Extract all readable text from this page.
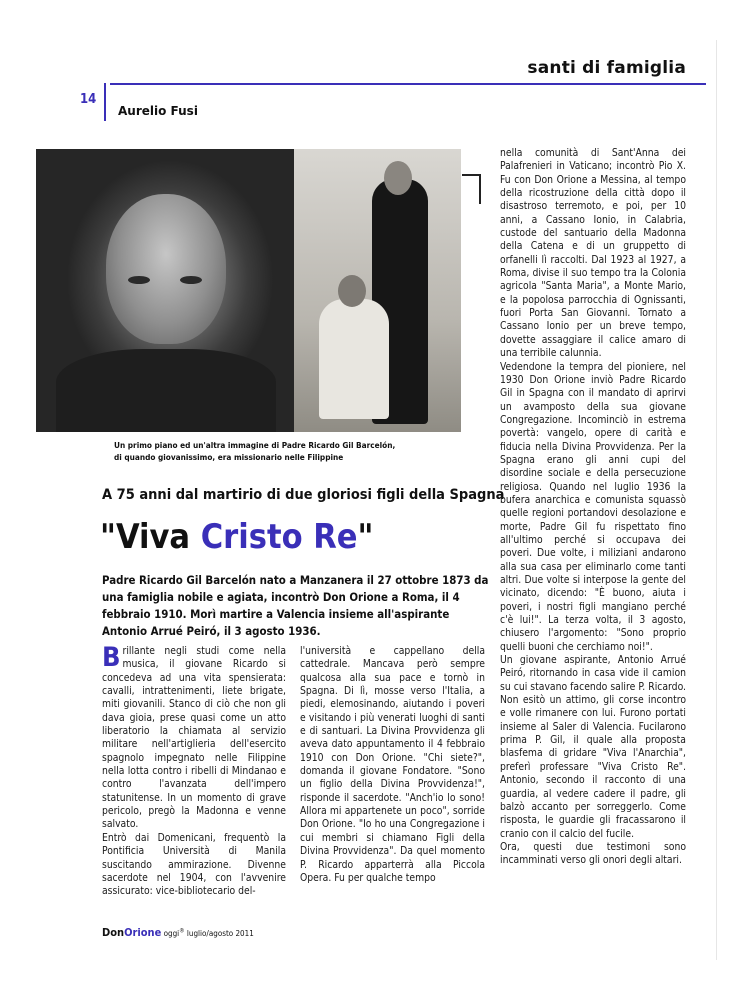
santi di famiglia
14
Aurelio Fusi
Un primo piano ed un'altra immagine di Padre Ricardo Gil Barcelón,
di quando giovanissimo, era missionario nelle Filippine
A 75 anni dal martirio di due gloriosi figli della Spagna
"Viva Cristo Re"
Padre Ricardo Gil Barcelón nato a Manzanera il 27 ottobre 1873 da una famiglia nobile e agiata, incontrò Don Orione a Roma, il 4 febbraio 1910. Morì martire a Valencia insieme all'aspirante Antonio Arrué Peiró, il 3 agosto 1936.

Brillante negli studi come nella musica, il giovane Ricardo si concedeva ad una vita spensierata: cavalli, intrattenimenti, liete brigate, miti giovanili. Stanco di ciò che non gli dava gioia, prese quasi come un atto liberatorio la chiamata al servizio militare nell'artiglieria dell'esercito spagnolo impegnato nelle Filippine nella lotta contro i ribelli di Mindanao e contro l'avanzata dell'impero statunitense. In un momento di grave pericolo, pregò la Madonna e venne salvato.

Entrò dai Domenicani, frequentò la Pontificia Università di Manila suscitando ammirazione. Divenne sacerdote nel 1904, con l'avvenire assicurato: vice-bibliotecario del-

l'università e cappellano della cattedrale. Mancava però sempre qualcosa alla sua pace e tornò in Spagna. Di lì, mosse verso l'Italia, a piedi, elemosinando, aiutando i poveri e visitando i più venerati luoghi di santi e di santuari. La Divina Provvidenza gli aveva dato appuntamento il 4 febbraio 1910 con Don Orione. "Chi siete?", domanda il giovane Fondatore. "Sono un figlio della Divina Provvidenza!", risponde il sacerdote. "Anch'io lo sono! Allora mi appartenete un poco", sorride Don Orione. "Io ho una Congregazione i cui membri si chiamano Figli della Divina Provvidenza". Da quel momento P. Ricardo apparterrà alla Piccola Opera. Fu per qualche tempo

nella comunità di Sant'Anna dei Palafrenieri in Vaticano; incontrò Pio X. Fu con Don Orione a Messina, al tempo della ricostruzione della città dopo il disastroso terremoto, e poi, per 10 anni, a Cassano Ionio, in Calabria, custode del santuario della Madonna della Catena e di un gruppetto di orfanelli lì raccolti. Dal 1923 al 1927, a Roma, divise il suo tempo tra la Colonia agricola "Santa Maria", a Monte Mario, e la popolosa parrocchia di Ognissanti, fuori Porta San Giovanni. Tornato a Cassano Ionio per un breve tempo, dovette assaggiare il calice amaro di una terribile calunnia.

Vedendone la tempra del pioniere, nel 1930 Don Orione inviò Padre Ricardo Gil in Spagna con il mandato di aprirvi un avamposto della sua giovane Congregazione. Incominciò in estrema povertà: vangelo, opere di carità e fiducia nella Divina Provvidenza. Per la Spagna erano gli anni cupi del disordine sociale e della persecuzione religiosa. Quando nel luglio 1936 la bufera anarchica e comunista squassò quelle regioni portandovi desolazione e morte, Padre Gil fu rispettato fino all'ultimo perché si occupava dei poveri. Due volte, i miliziani andarono alla sua casa per eliminarlo come tanti altri. Due volte si interpose la gente del vicinato, dicendo: "È buono, aiuta i poveri, i nostri figli mangiano perché c'è lui!". La terza volta, il 3 agosto, chiusero l'argomento: "Sono proprio quelli buoni che cerchiamo noi!".

Un giovane aspirante, Antonio Arrué Peiró, ritornando in casa vide il camion su cui stavano facendo salire P. Ricardo. Non esitò un attimo, gli corse incontro e volle rimanere con lui. Furono portati insieme al Saler di Valencia. Fucilarono prima P. Gil, il quale alla proposta blasfema di gridare "Viva l'Anarchia", preferì professare "Viva Cristo Re". Antonio, secondo il racconto di una guardia, al vedere cadere il padre, gli balzò accanto per sorreggerlo. Come risposta, le guardie gli fracassarono il cranio con il calcio del fucile.

Ora, questi due testimoni sono incamminati verso gli onori degli altari.

DonOrione oggi® luglio/agosto 2011
